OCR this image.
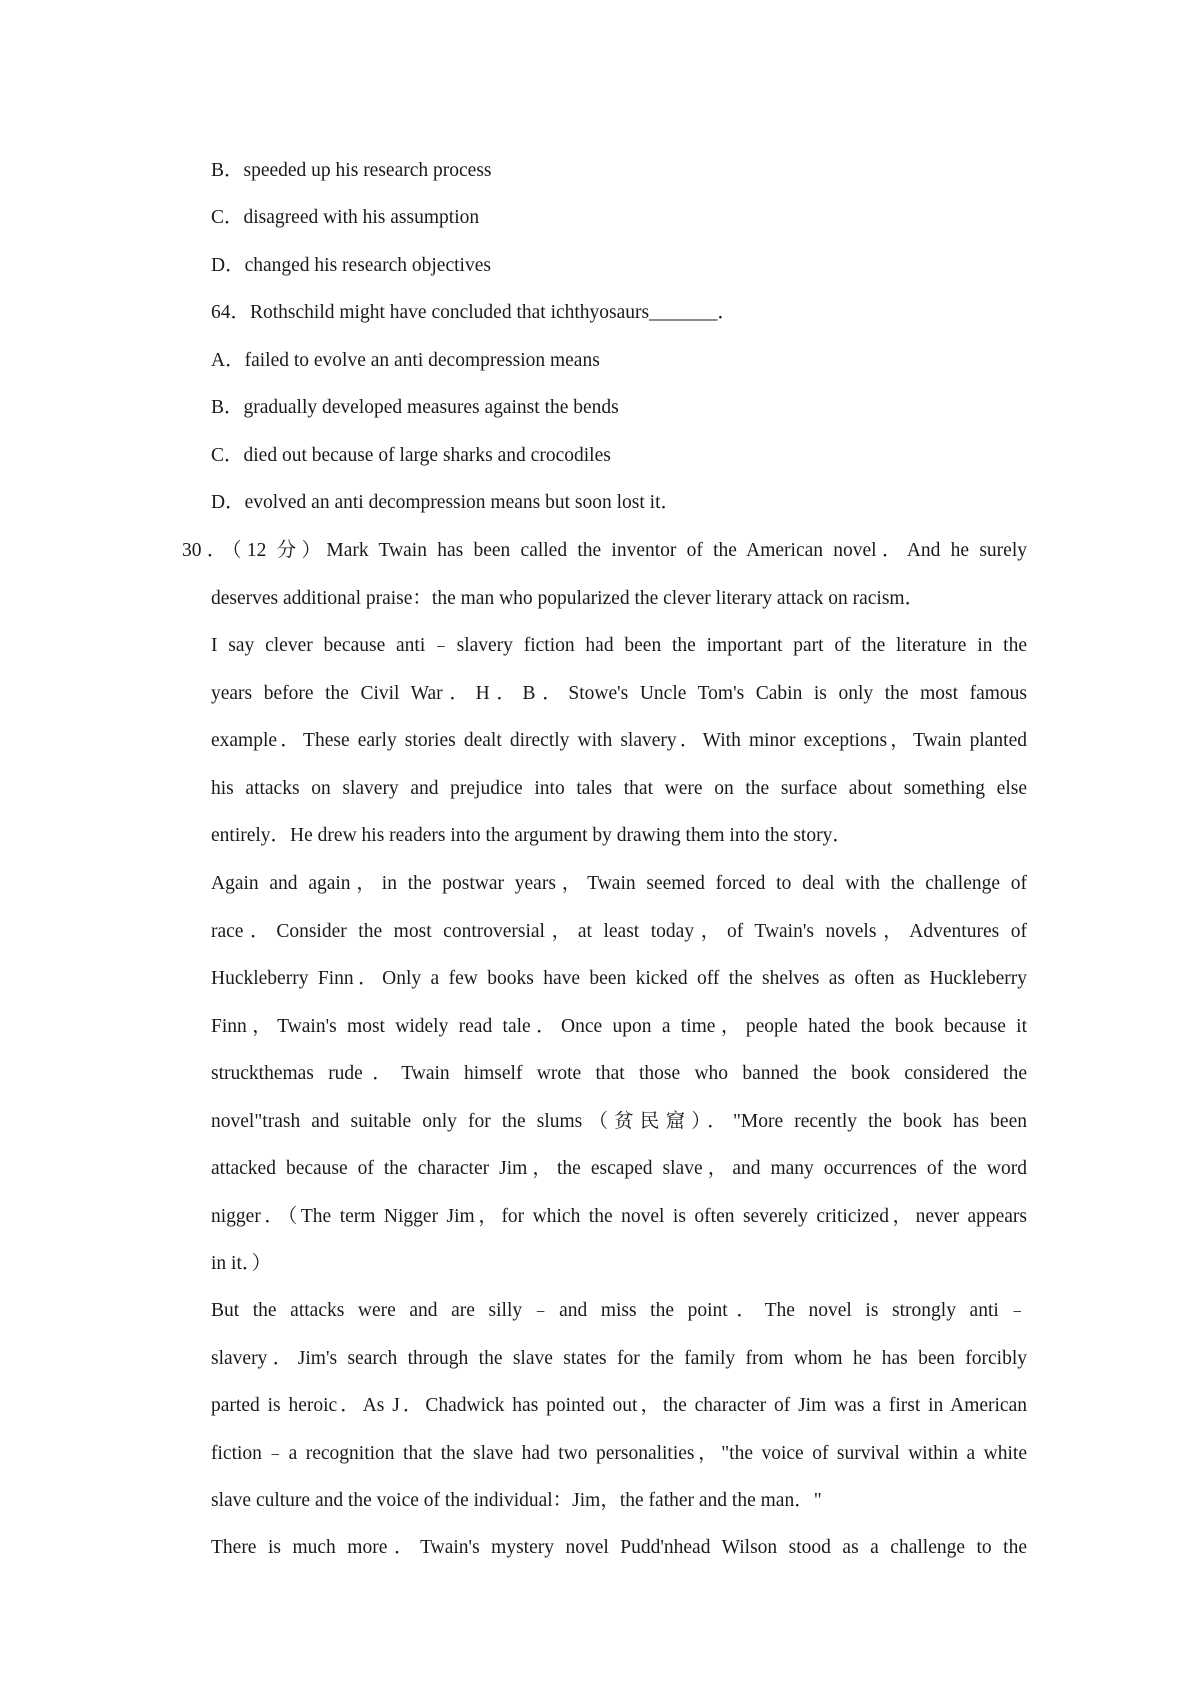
B．speeded up his research process
C．disagreed with his assumption
D．changed his research objectives
64．Rothschild might have concluded that ichthyosaurs_______．
A．failed to evolve an anti decompression means
B．gradually developed measures against the bends
C．died out because of large sharks and crocodiles
D．evolved an anti decompression means but soon lost it．
30．（12 分）Mark Twain has been called the inventor of the American novel．And he surely
deserves additional praise：the man who popularized the clever literary attack on racism．
I say clever because anti﹣slavery fiction had been the important part of the literature in the
years before the Civil War．H．B．Stowe's Uncle Tom's Cabin is only the most famous
example．These early stories dealt directly with slavery．With minor exceptions，Twain planted
his attacks on slavery and prejudice into tales that were on the surface about something else
entirely．He drew his readers into the argument by drawing them into the story．
Again and again，in the postwar years，Twain seemed forced to deal with the challenge of
race．Consider the most controversial，at least today，of Twain's novels，Adventures of
Huckleberry Finn．Only a few books have been kicked off the shelves as often as Huckleberry
Finn，Twain's most widely read tale．Once upon a time，people hated the book because it
struckthemas rude．Twain himself wrote that those who banned the book considered the
novel"trash and suitable only for the slums（贫民窟）．"More recently the book has been
attacked because of the character Jim，the escaped slave，and many occurrences of the word
nigger．（The term Nigger Jim，for which the novel is often severely criticized，never appears
in it．）
But the attacks were and are silly﹣and miss the point．The novel is strongly anti﹣
slavery．Jim's search through the slave states for the family from whom he has been forcibly
parted is heroic．As J．Chadwick has pointed out，the character of Jim was a first in American
fiction﹣a recognition that the slave had two personalities，"the voice of survival within a white
slave culture and the voice of the individual：Jim，the father and the man．"
There is much more．Twain's mystery novel Pudd'nhead Wilson stood as a challenge to the
